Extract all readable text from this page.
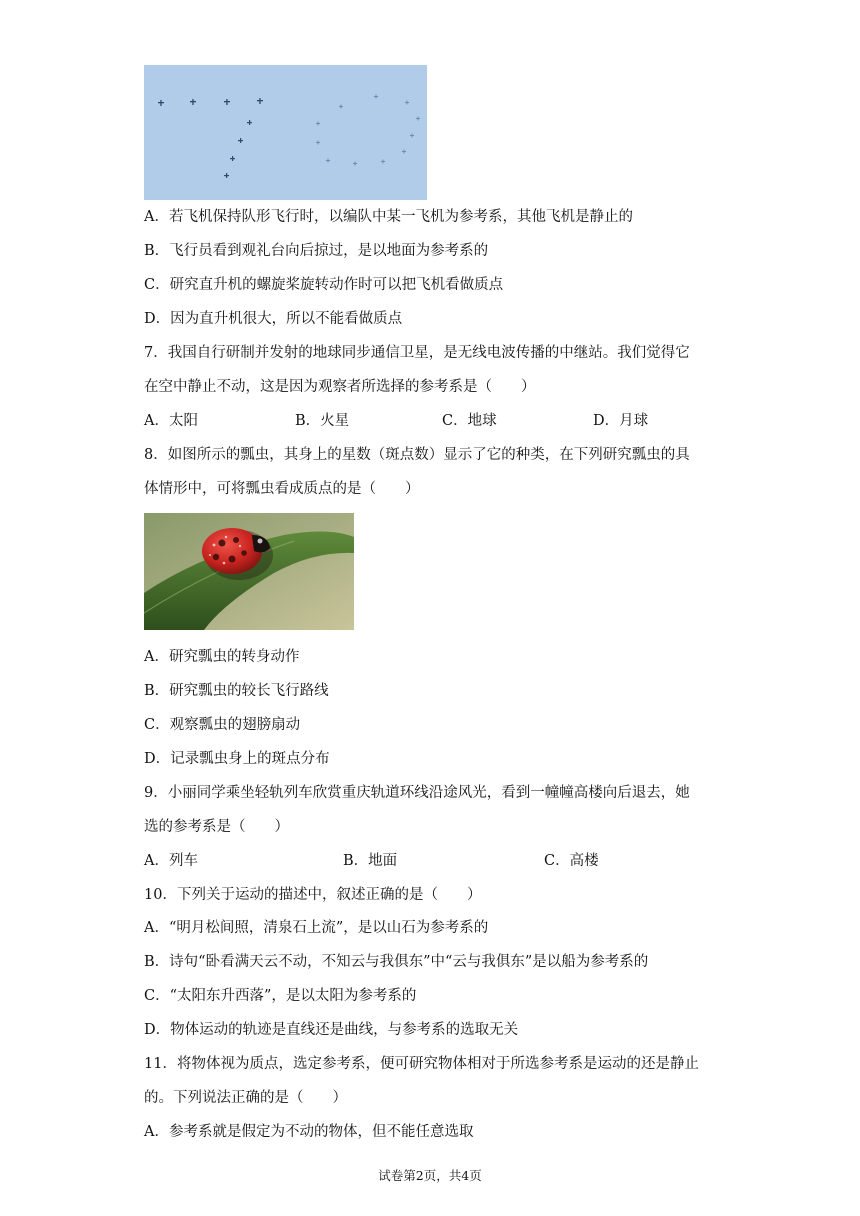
A．若飞机保持队形飞行时，以编队中某一飞机为参考系，其他飞机是静止的
B．飞行员看到观礼台向后掠过，是以地面为参考系的
C．研究直升机的螺旋桨旋转动作时可以把飞机看做质点
D．因为直升机很大，所以不能看做质点
7．我国自行研制并发射的地球同步通信卫星，是无线电波传播的中继站。我们觉得它
在空中静止不动，这是因为观察者所选择的参考系是（　　）
A．太阳	B．火星	C．地球	D．月球
8．如图所示的瓢虫，其身上的星数（斑点数）显示了它的种类，在下列研究瓢虫的具
体情形中，可将瓢虫看成质点的是（　　）
A．研究瓢虫的转身动作
B．研究瓢虫的较长飞行路线
C．观察瓢虫的翅膀扇动
D．记录瓢虫身上的斑点分布
9．小丽同学乘坐轻轨列车欣赏重庆轨道环线沿途风光，看到一幢幢高楼向后退去，她
选的参考系是（　　）
A．列车	B．地面	C．高楼
10．下列关于运动的描述中，叙述正确的是（　　）
A．“明月松间照，清泉石上流”，是以山石为参考系的
B．诗句“卧看满天云不动，不知云与我俱东”中“云与我俱东”是以船为参考系的
C．“太阳东升西落”，是以太阳为参考系的
D．物体运动的轨迹是直线还是曲线，与参考系的选取无关
11．将物体视为质点，选定参考系，便可研究物体相对于所选参考系是运动的还是静止
的。下列说法正确的是（　　）
A．参考系就是假定为不动的物体，但不能任意选取
试卷第2页，共4页
